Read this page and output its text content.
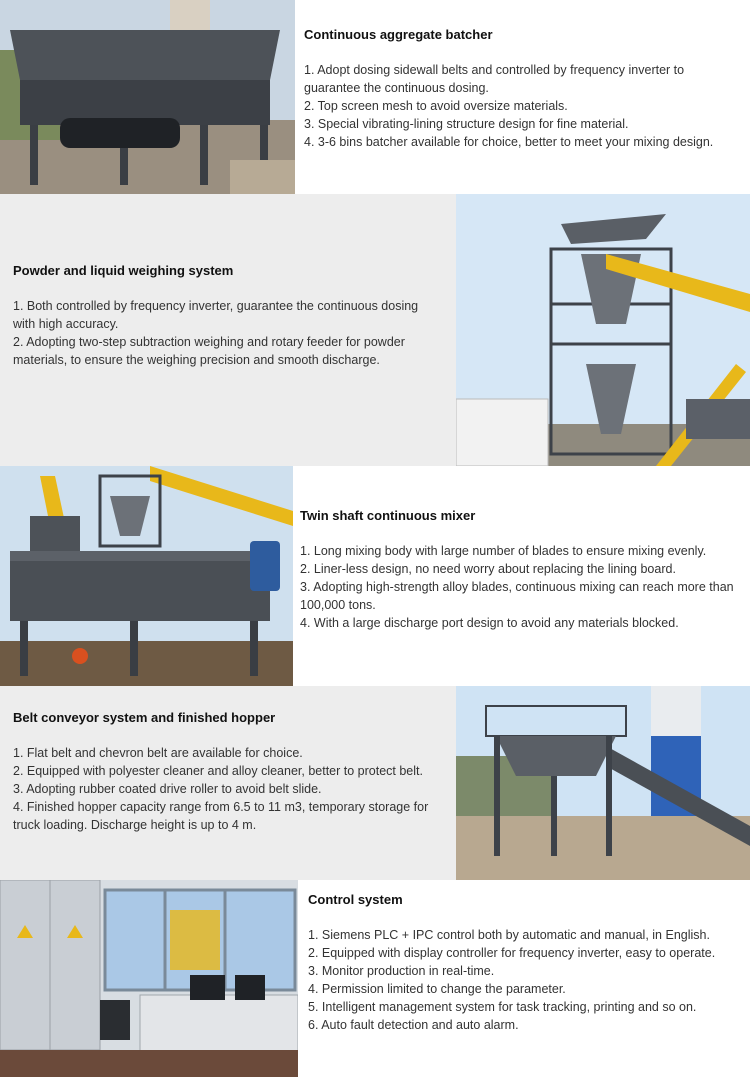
Continuous aggregate batcher

1. Adopt dosing sidewall belts and controlled by frequency inverter to guarantee the continuous dosing.

2. Top screen mesh to avoid oversize materials.

3. Special vibrating-lining structure design for fine material.

4. 3-6 bins batcher available for choice, better to meet your mixing design.

Powder and liquid weighing system

1. Both controlled by frequency inverter, guarantee the continuous dosing with high accuracy.

2. Adopting two-step subtraction weighing and rotary feeder for powder materials, to ensure the weighing precision and smooth discharge.

Twin shaft continuous mixer

1. Long mixing body with large number of blades to ensure mixing evenly.

2. Liner-less design, no need worry about replacing the lining board.

3. Adopting high-strength alloy blades, continuous mixing can reach more than 100,000 tons.

4. With a large discharge port design to avoid any materials blocked.

Belt conveyor system and finished hopper

1. Flat belt and chevron belt are available for choice.

2. Equipped with polyester cleaner and alloy cleaner, better to protect belt.

3. Adopting rubber coated drive roller to avoid belt slide.

4. Finished hopper capacity range from 6.5 to 11 m3, temporary storage for truck loading. Discharge height is up to 4 m.

Control system

1. Siemens PLC + IPC control both by automatic and manual, in English.

2. Equipped with display controller for frequency inverter, easy to operate.

3. Monitor production in real-time.

4. Permission limited to change the parameter.

5. Intelligent management system for task tracking, printing and so on.

6. Auto fault detection and auto alarm.
